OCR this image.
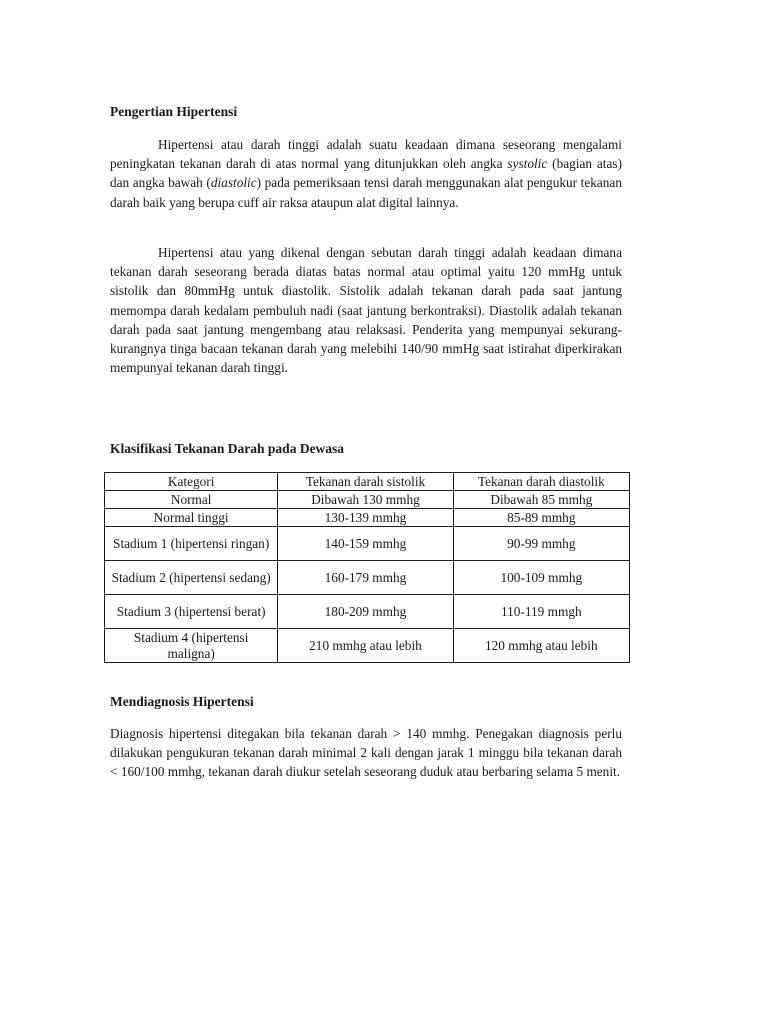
Pengertian Hipertensi

Hipertensi atau darah tinggi adalah suatu keadaan dimana seseorang mengalami peningkatan tekanan darah di atas normal yang ditunjukkan oleh angka systolic (bagian atas) dan angka bawah (diastolic) pada pemeriksaan tensi darah menggunakan alat pengukur tekanan darah baik yang berupa cuff air raksa ataupun alat digital lainnya.

Hipertensi atau yang dikenal dengan sebutan darah tinggi adalah keadaan dimana tekanan darah seseorang berada diatas batas normal atau optimal yaitu 120 mmHg untuk sistolik dan 80mmHg untuk diastolik. Sistolik adalah tekanan darah pada saat jantung memompa darah kedalam pembuluh nadi (saat jantung berkontraksi). Diastolik adalah tekanan darah pada saat jantung mengembang atau relaksasi. Penderita yang mempunyai sekurang-kurangnya tinga bacaan tekanan darah yang melebihi 140/90 mmHg saat istirahat diperkirakan mempunyai tekanan darah tinggi.

Klasifikasi Tekanan Darah pada Dewasa
Kategori	Tekanan darah sistolik	Tekanan darah diastolik
Normal	Dibawah 130 mmhg	Dibawah 85 mmhg
Normal tinggi	130-139 mmhg	85-89 mmhg
Stadium 1 (hipertensi ringan)	140-159 mmhg	90-99 mmhg
Stadium 2 (hipertensi sedang)	160-179 mmhg	100-109 mmhg
Stadium 3 (hipertensi berat)	180-209 mmhg	110-119 mmgh
Stadium 4 (hipertensi maligna)	210 mmhg atau lebih	120 mmhg atau lebih
Mendiagnosis Hipertensi

Diagnosis hipertensi ditegakan bila tekanan darah > 140 mmhg. Penegakan diagnosis perlu dilakukan pengukuran tekanan darah minimal 2 kali dengan jarak 1 minggu bila tekanan darah < 160/100 mmhg, tekanan darah diukur setelah seseorang duduk atau berbaring selama 5 menit.
